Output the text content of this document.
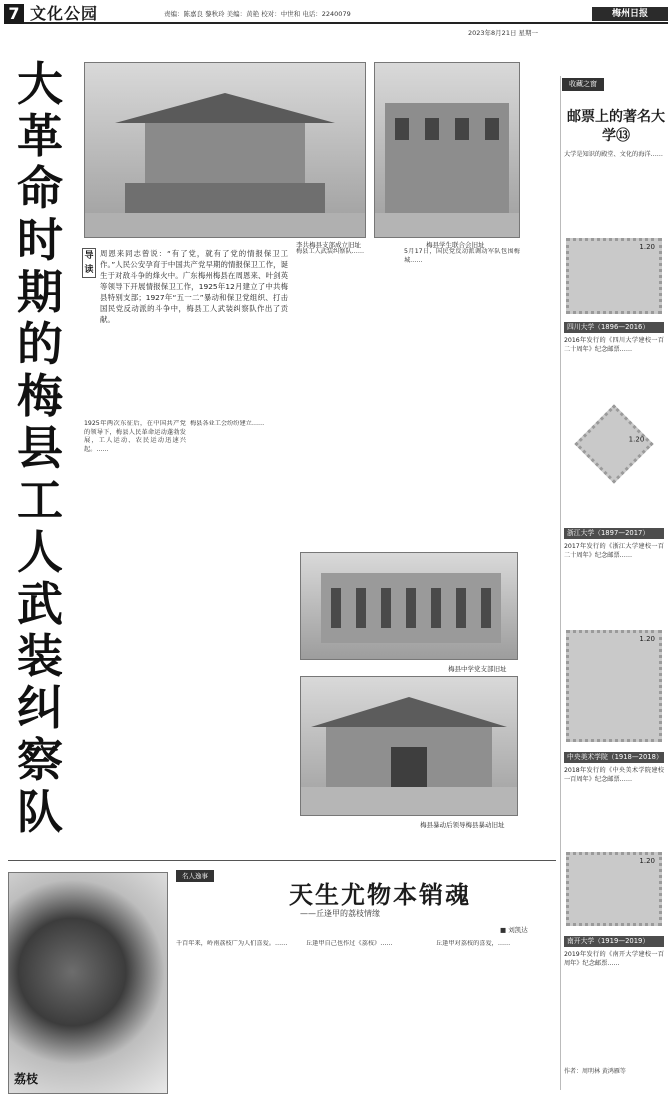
7 文化公园	责编：陈嘉良 黎秋玲 美编：黄艳 校对：中世和 电话：2240079	梅州日报
2023年8月21日 星期一
大革命时期的梅县工人武装纠察队
李共梅县支部成立旧址	梅县学生联合会旧址
导读
周恩来同志曾说：“有了党，就有了党的情报保卫工作。”人民公安孕育于中国共产党早期的情报保卫工作，诞生于对敌斗争的烽火中。广东梅州梅县在周恩来、叶剑英等领导下开展情报保卫工作，1925年12月建立了中共梅县特别支部；1927年“五一二”暴动和保卫党组织、打击国民党反动派的斗争中，梅县工人武装纠察队作出了贡献。
1925年两次东征后，在中国共产党的领导下，梅县人民革命运动蓬勃发展，工人运动、农民运动迅速兴起。……
梅县各业工会纷纷建立……
梅县工人武装纠察队……	5月17日，国民党反动派调动军队包围梅城……
梅县中学党支部旧址
梅县暴动后领导梅县暴动旧址
收藏之窗
邮票上的著名大学⑬
大学是知识的殿堂、文化的海洋……
1.20
四川大学（1896—2016）
2016年发行的《四川大学建校一百二十周年》纪念邮票……
1.20
浙江大学（1897—2017）
2017年发行的《浙江大学建校一百二十周年》纪念邮票……
1.20
中央美术学院（1918—2018）
2018年发行的《中央美术学院建校一百周年》纪念邮票……
1.20
南开大学（1919—2019）
2019年发行的《南开大学建校一百周年》纪念邮票……
作者：周明林 黄鸿雁等
荔枝
名人逸事
天生尤物本销魂
——丘逢甲的荔枝情缘
■ 刘凯达
千百年来，岭南荔枝广为人们喜爱。……	丘逢甲自己也作过《荔枝》……	丘逢甲对荔枝的喜爱，……
